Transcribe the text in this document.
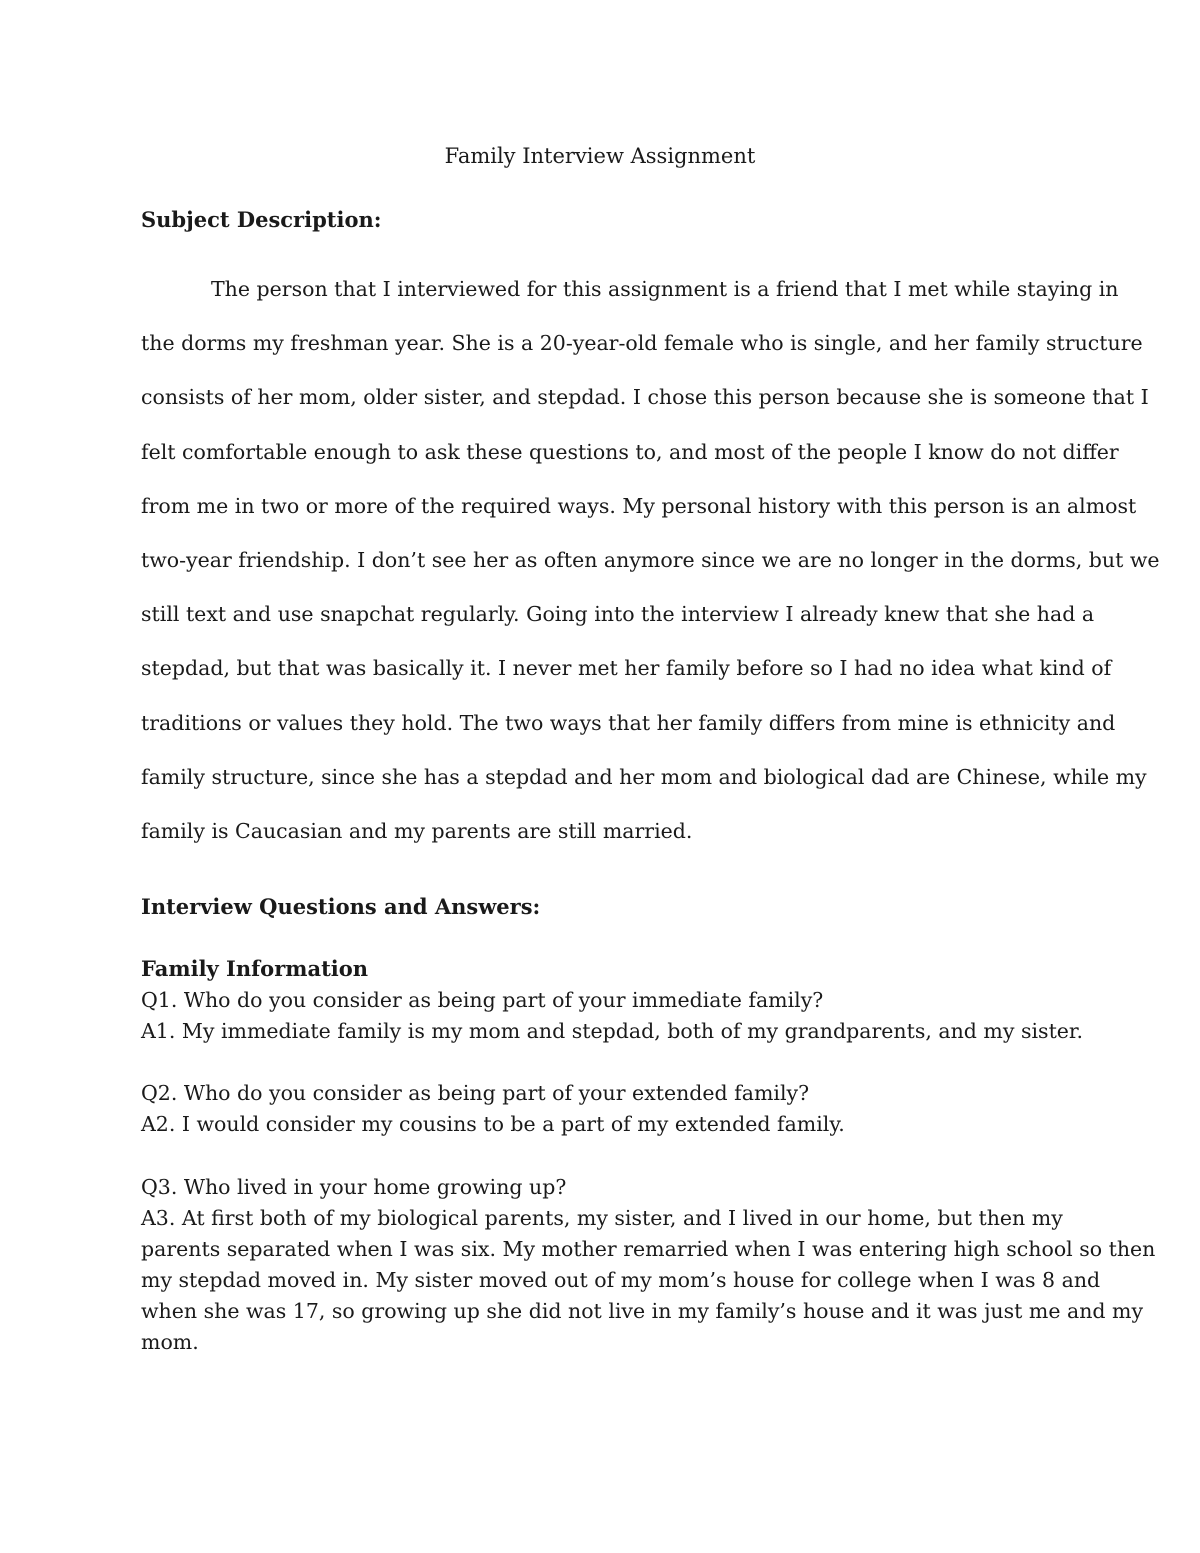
Family Interview Assignment
Subject Description:
The person that I interviewed for this assignment is a friend that I met while staying in
the dorms my freshman year. She is a 20-year-old female who is single, and her family structure
consists of her mom, older sister, and stepdad. I chose this person because she is someone that I
felt comfortable enough to ask these questions to, and most of the people I know do not differ
from me in two or more of the required ways. My personal history with this person is an almost
two-year friendship. I don’t see her as often anymore since we are no longer in the dorms, but we
still text and use snapchat regularly. Going into the interview I already knew that she had a
stepdad, but that was basically it. I never met her family before so I had no idea what kind of
traditions or values they hold. The two ways that her family differs from mine is ethnicity and
family structure, since she has a stepdad and her mom and biological dad are Chinese, while my
family is Caucasian and my parents are still married.
Interview Questions and Answers:
Family Information
Q1. Who do you consider as being part of your immediate family?
A1. My immediate family is my mom and stepdad, both of my grandparents, and my sister.
Q2. Who do you consider as being part of your extended family?
A2. I would consider my cousins to be a part of my extended family.
Q3. Who lived in your home growing up?
A3. At first both of my biological parents, my sister, and I lived in our home, but then my
parents separated when I was six. My mother remarried when I was entering high school so then
my stepdad moved in. My sister moved out of my mom’s house for college when I was 8 and
when she was 17, so growing up she did not live in my family’s house and it was just me and my
mom.
